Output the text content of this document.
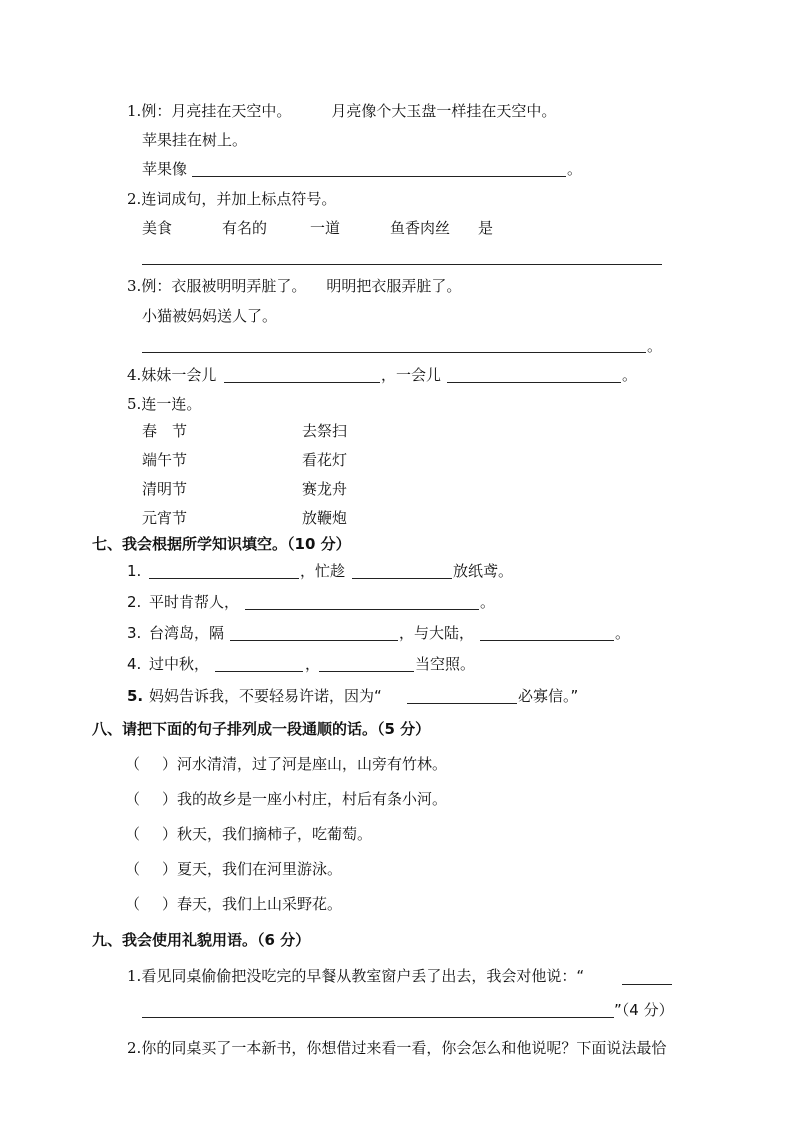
1.例：月亮挂在天空中。	月亮像个大玉盘一样挂在天空中。
苹果挂在树上。
苹果像	。
2.连词成句，并加上标点符号。
美食	有名的	一道	鱼香肉丝 是
3.例：衣服被明明弄脏了。 明明把衣服弄脏了。
小猫被妈妈送人了。
。
4.妹妹一会儿	，一会儿	。
5.连一连。
春　节	去祭扫
端午节	看花灯
清明节	赛龙舟
元宵节	放鞭炮
七、我会根据所学知识填空。（10 分）
1.	，忙趁	放纸鸢。
2. 平时肯帮人，	。
3. 台湾岛，隔	，与大陆，	。
4. 过中秋，	，	当空照。
5. 妈妈告诉我，不要轻易许诺，因为“	必寡信。”
八、请把下面的句子排列成一段通顺的话。（5 分）
（ ）河水清清，过了河是座山，山旁有竹林。
（ ）我的故乡是一座小村庄，村后有条小河。
（ ）秋天，我们摘柿子，吃葡萄。
（ ）夏天，我们在河里游泳。
（ ）春天，我们上山采野花。
九、我会使用礼貌用语。（6 分）
1.看见同桌偷偷把没吃完的早餐从教室窗户丢了出去，我会对他说：“
”（4 分）
2.你的同桌买了一本新书，你想借过来看一看，你会怎么和他说呢？下面说法最恰
